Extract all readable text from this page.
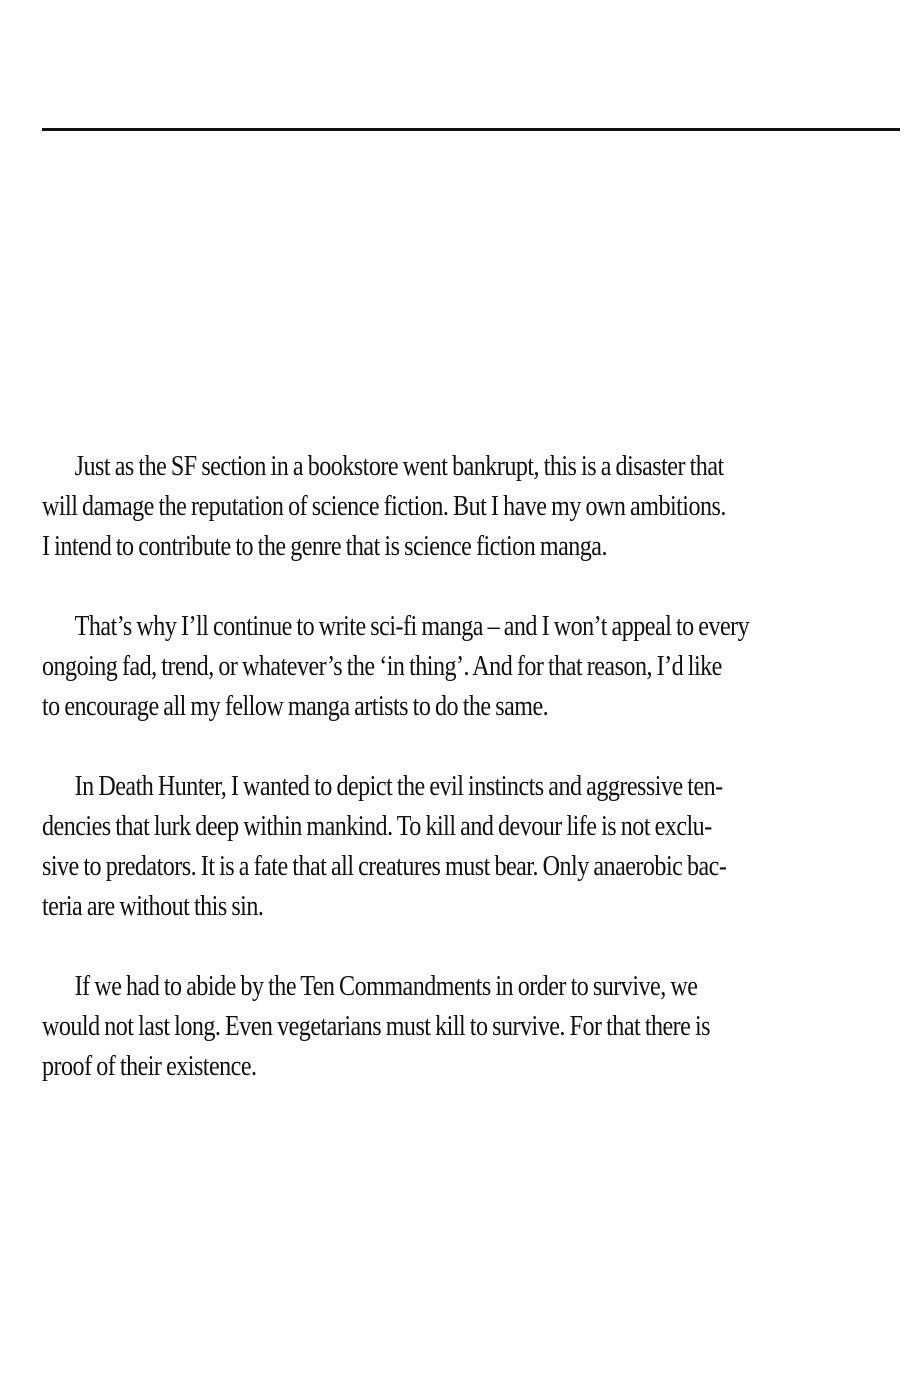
Just as the SF section in a bookstore went bankrupt, this is a disaster that
will damage the reputation of science fiction. But I have my own ambitions.
I intend to contribute to the genre that is science fiction manga.

That’s why I’ll continue to write sci-fi manga – and I won’t appeal to every
ongoing fad, trend, or whatever’s the ‘in thing’. And for that reason, I’d like
to encourage all my fellow manga artists to do the same.

In Death Hunter, I wanted to depict the evil instincts and aggressive ten-
dencies that lurk deep within mankind. To kill and devour life is not exclu-
sive to predators. It is a fate that all creatures must bear. Only anaerobic bac-
teria are without this sin.

If we had to abide by the Ten Commandments in order to survive, we
would not last long. Even vegetarians must kill to survive. For that there is
proof of their existence.
